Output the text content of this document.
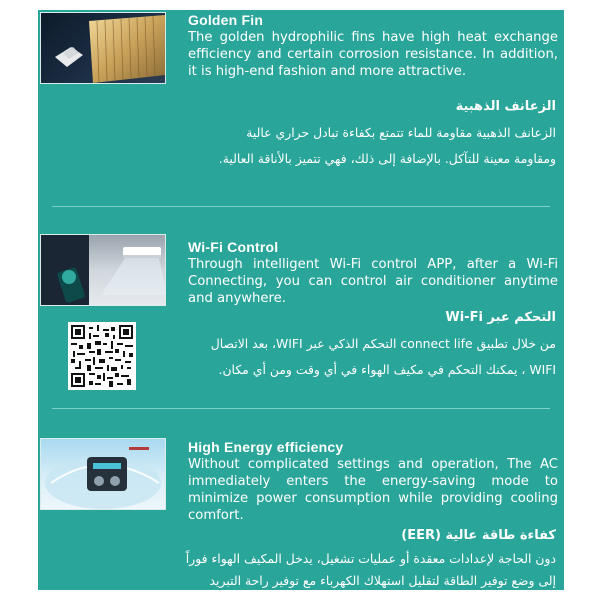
Golden Fin
The golden hydrophilic fins have high heat exchange efficiency and certain corrosion resistance. In addition, it is high-end fashion and more attractive.
الزعانف الذهبية
الزعانف الذهبية مقاومة للماء تتمتع بكفاءة تبادل حراري عالية
ومقاومة معينة للتآكل. بالإضافة إلى ذلك، فهي تتميز بالأناقة العالية.
Wi-Fi Control
Through intelligent Wi-Fi control APP, after a Wi-Fi Connecting, you can control air conditioner anytime and anywhere.
التحكم عبر Wi-Fi
من خلال تطبيق connect life التحكم الذكي عبر WIFI، بعد الاتصال
WIFI ، يمكنك التحكم في مكيف الهواء في أي وقت ومن أي مكان.
High Energy efficiency
Without complicated settings and operation, The AC immediately enters the energy-saving mode to minimize power consumption while providing cooling comfort.
كفاءة طاقة عالية (EER)
دون الحاجة لإعدادات معقدة أو عمليات تشغيل، يدخل المكيف الهواء فوراً
إلى وضع توفير الطاقة لتقليل استهلاك الكهرباء مع توفير راحة التبريد
